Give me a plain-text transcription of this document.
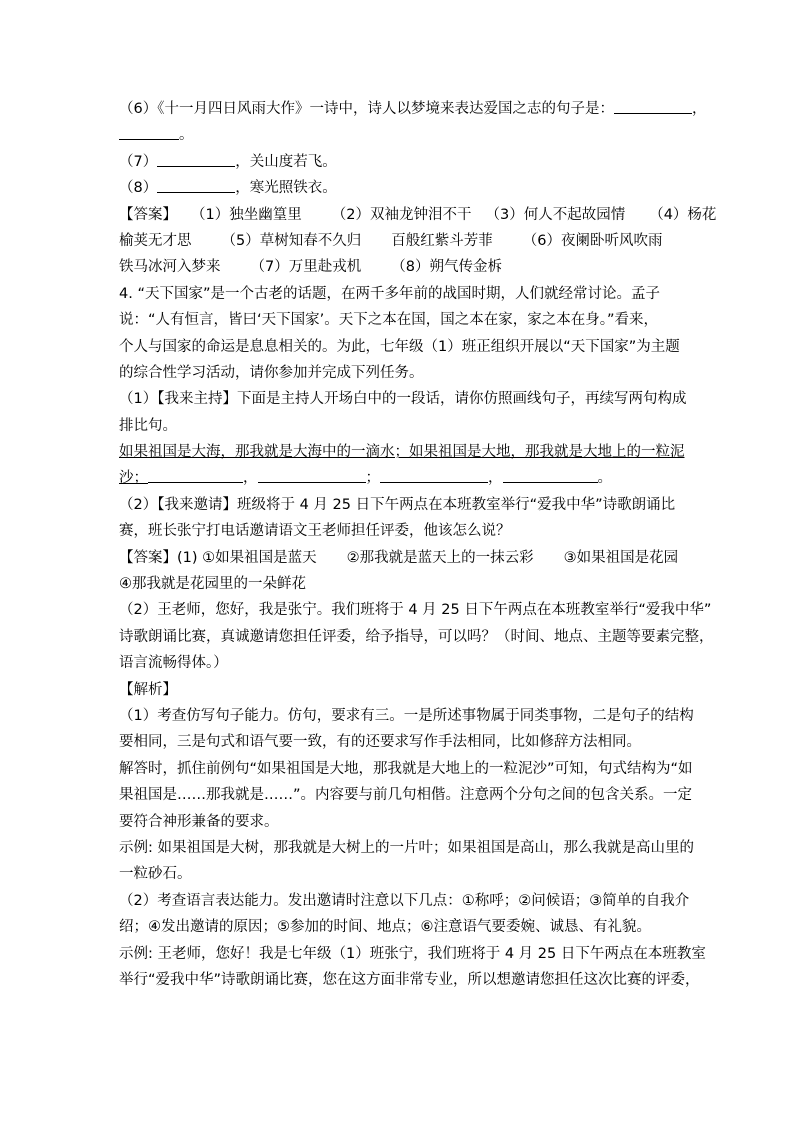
（6）《十一月四日风雨大作》一诗中，诗人以梦境来表达爱国之志的句子是：	，
。
（7）	，关山度若飞。
（8）	，寒光照铁衣。
【答案】 （1）独坐幽篁里 （2）双袖龙钟泪不干 （3）何人不起故园情 （4）杨花
榆荚无才思 （5）草树知春不久归 百般红紫斗芳菲 （6）夜阑卧听风吹雨
铁马冰河入梦来 （7）万里赴戎机 （8）朔气传金柝
4. “天下国家”是一个古老的话题，在两千多年前的战国时期，人们就经常讨论。孟子
说：“人有恒言，皆曰‘天下国家’。天下之本在国，国之本在家，家之本在身。”看来，
个人与国家的命运是息息相关的。为此，七年级（1）班正组织开展以“天下国家”为主题
的综合性学习活动，请你参加并完成下列任务。
（1）【我来主持】下面是主持人开场白中的一段话，请你仿照画线句子，再续写两句构成
排比句。
如果祖国是大海，那我就是大海中的一滴水；如果祖国是大地，那我就是大地上的一粒泥
沙；	，	；	，	。
（2）【我来邀请】班级将于 4 月 25 日下午两点在本班教室举行“爱我中华”诗歌朗诵比
赛，班长张宁打电话邀请语文王老师担任评委，他该怎么说？
【答案】(1) ①如果祖国是蓝天 ②那我就是蓝天上的一抹云彩 ③如果祖国是花园
④那我就是花园里的一朵鲜花
（2）王老师，您好，我是张宁。我们班将于 4 月 25 日下午两点在本班教室举行“爱我中华”
诗歌朗诵比赛，真诚邀请您担任评委，给予指导，可以吗？（时间、地点、主题等要素完整，
语言流畅得体。）
【解析】
（1）考查仿写句子能力。仿句，要求有三。一是所述事物属于同类事物，二是句子的结构
要相同，三是句式和语气要一致，有的还要求写作手法相同，比如修辞方法相同。
解答时，抓住前例句“如果祖国是大地，那我就是大地上的一粒泥沙”可知，句式结构为“如
果祖国是……那我就是……”。内容要与前几句相偕。注意两个分句之间的包含关系。一定
要符合神形兼备的要求。
示例: 如果祖国是大树，那我就是大树上的一片叶；如果祖国是高山，那么我就是高山里的
一粒砂石。
（2）考查语言表达能力。发出邀请时注意以下几点：①称呼；②问候语；③简单的自我介
绍；④发出邀请的原因；⑤参加的时间、地点；⑥注意语气要委婉、诚恳、有礼貌。
示例: 王老师，您好！我是七年级（1）班张宁，我们班将于 4 月 25 日下午两点在本班教室
举行“爱我中华”诗歌朗诵比赛，您在这方面非常专业，所以想邀请您担任这次比赛的评委，
